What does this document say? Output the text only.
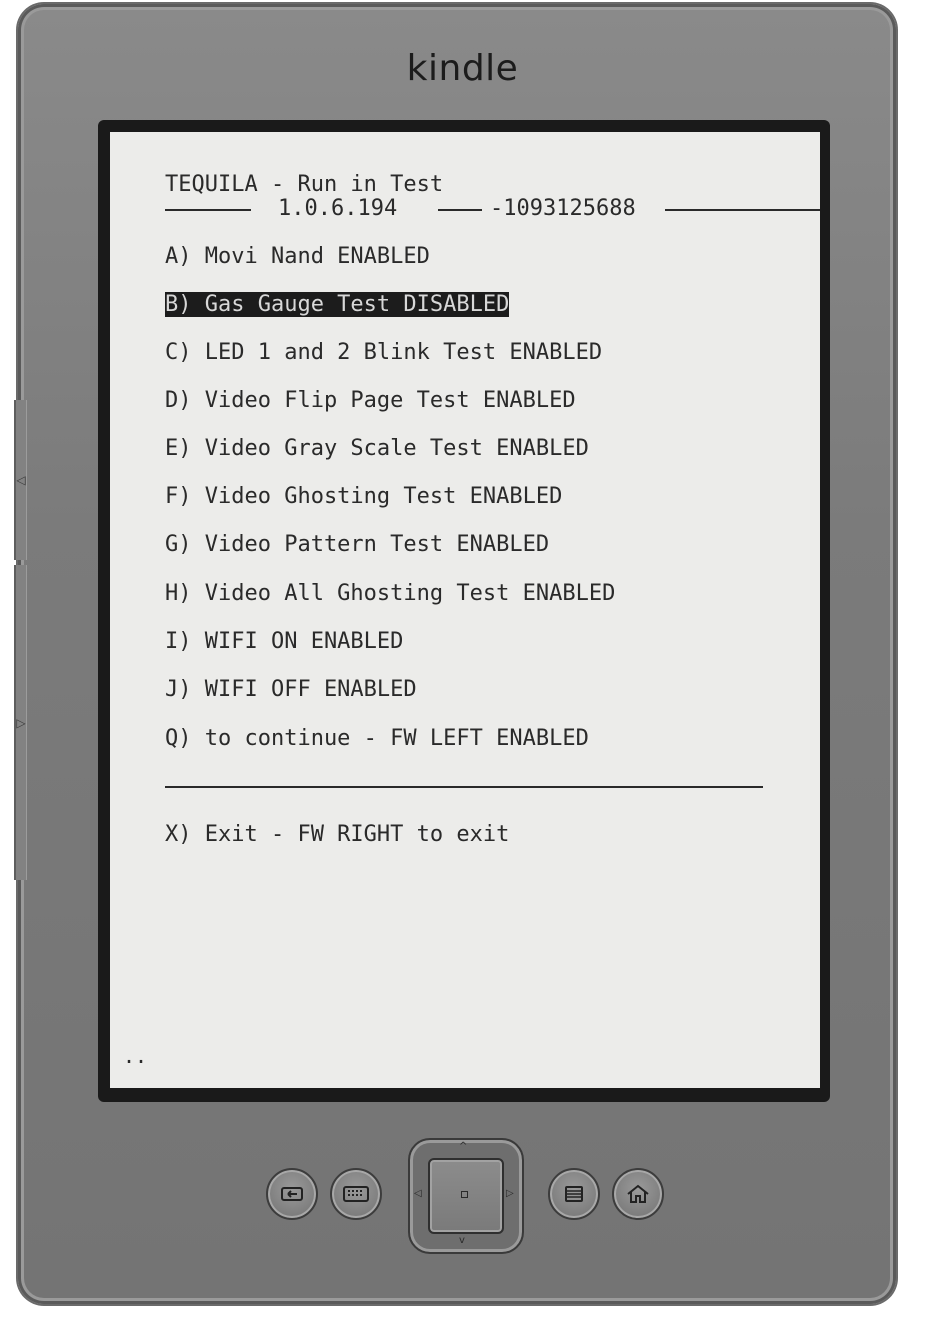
kindle
◁
▷
TEQUILA - Run in Test
1.0.6.194	-1093125688
A) Movi Nand ENABLED
B) Gas Gauge Test DISABLED
C) LED 1 and 2 Blink Test ENABLED
D) Video Flip Page Test ENABLED
E) Video Gray Scale Test ENABLED
F) Video Ghosting Test ENABLED
G) Video Pattern Test ENABLED
H) Video All Ghosting Test ENABLED
I) WIFI ON ENABLED
J) WIFI OFF ENABLED
Q) to continue - FW LEFT ENABLED
X) Exit - FW RIGHT to exit
..
^
v
◁	▷
